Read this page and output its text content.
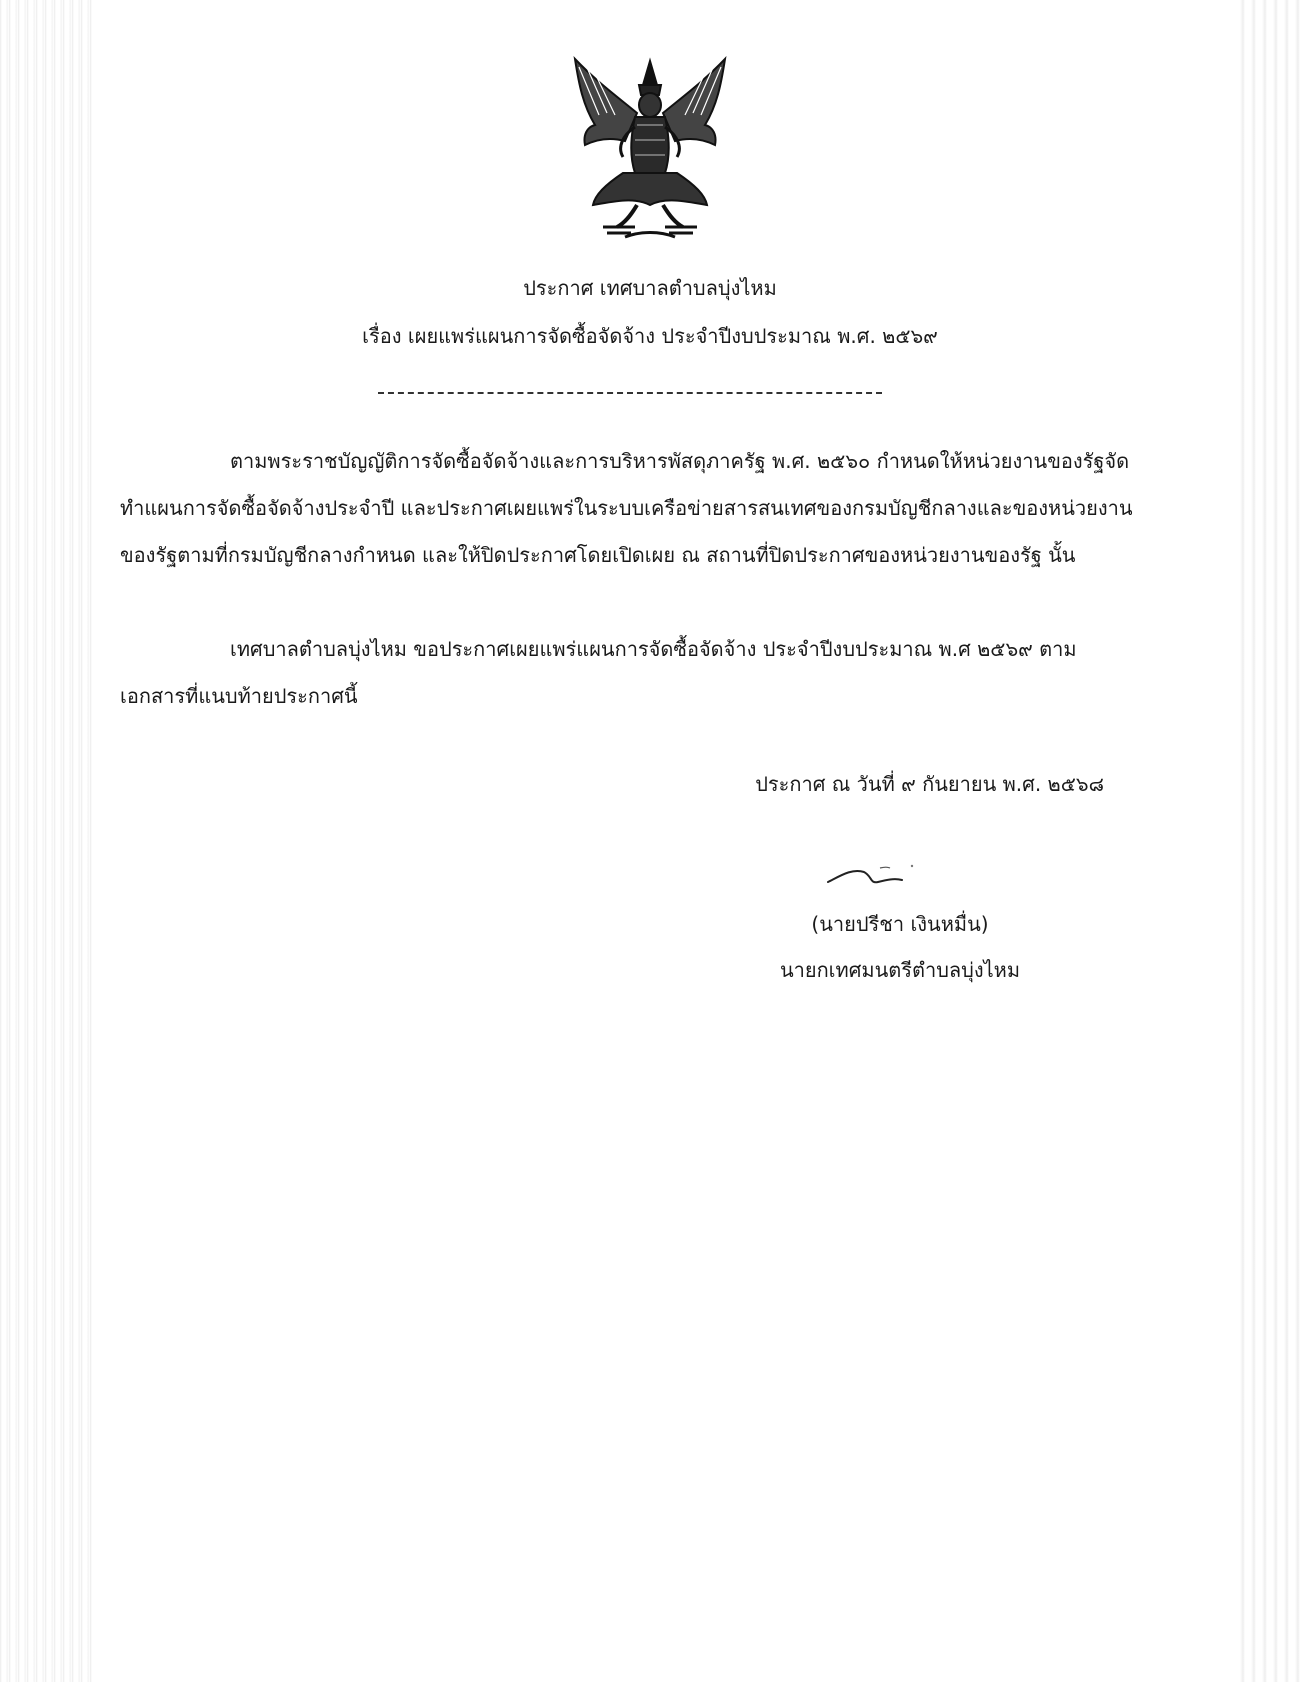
ประกาศ เทศบาลตำบลบุ่งไหม
เรื่อง เผยแพร่แผนการจัดซื้อจัดจ้าง ประจำปีงบประมาณ พ.ศ. ๒๕๖๙
ตามพระราชบัญญัติการจัดซื้อจัดจ้างและการบริหารพัสดุภาครัฐ พ.ศ. ๒๕๖๐ กำหนดให้หน่วยงานของรัฐจัดทำแผนการจัดซื้อจัดจ้างประจำปี และประกาศเผยแพร่ในระบบเครือข่ายสารสนเทศของกรมบัญชีกลางและของหน่วยงานของรัฐตามที่กรมบัญชีกลางกำหนด และให้ปิดประกาศโดยเปิดเผย ณ สถานที่ปิดประกาศของหน่วยงานของรัฐ นั้น
เทศบาลตำบลบุ่งไหม ขอประกาศเผยแพร่แผนการจัดซื้อจัดจ้าง ประจำปีงบประมาณ พ.ศ ๒๕๖๙ ตามเอกสารที่แนบท้ายประกาศนี้
ประกาศ ณ วันที่ ๙ กันยายน พ.ศ. ๒๕๖๘
(นายปรีชา เงินหมื่น)
นายกเทศมนตรีตำบลบุ่งไหม
